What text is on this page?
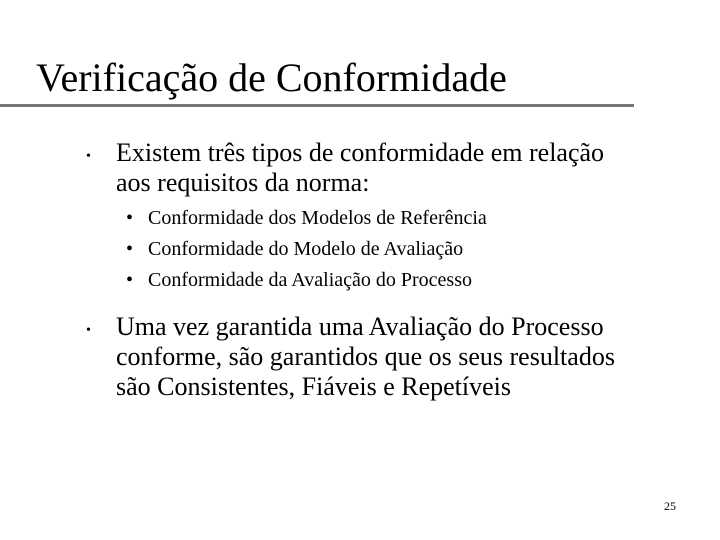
Verificação de Conformidade
• Existem três tipos de conformidade em relação
aos requisitos da norma:
• Conformidade dos Modelos de Referência
• Conformidade do Modelo de Avaliação
• Conformidade da Avaliação do Processo
• Uma vez garantida uma Avaliação do Processo
conforme, são garantidos que os seus resultados
são Consistentes, Fiáveis e Repetíveis
25
